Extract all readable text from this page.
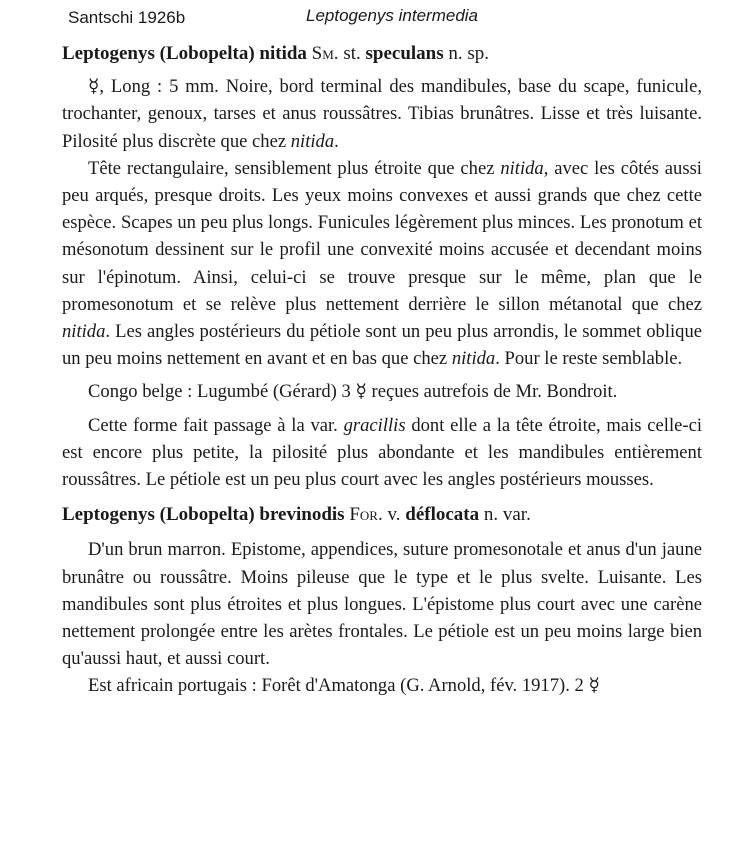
Santschi 1926b	Leptogenys intermedia

Leptogenys (Lobopelta) nitida Sm. st. speculans n. sp.

☿, Long : 5 mm. Noire, bord terminal des mandibules, base du scape, funicule, trochanter, genoux, tarses et anus roussâtres. Tibias brunâtres. Lisse et très luisante. Pilosité plus discrète que chez nitida.

Tête rectangulaire, sensiblement plus étroite que chez nitida, avec les côtés aussi peu arqués, presque droits. Les yeux moins convexes et aussi grands que chez cette espèce. Scapes un peu plus longs. Funicules légèrement plus minces. Les pronotum et mésonotum dessinent sur le profil une convexité moins accusée et decendant moins sur l'épinotum. Ainsi, celui-ci se trouve presque sur le même, plan que le promesonotum et se relève plus nettement derrière le sillon métanotal que chez nitida. Les angles postérieurs du pétiole sont un peu plus arrondis, le sommet oblique un peu moins nettement en avant et en bas que chez nitida. Pour le reste semblable.

Congo belge : Lugumbé (Gérard) 3 ☿ reçues autrefois de Mr. Bondroit.

Cette forme fait passage à la var. gracillis dont elle a la tête étroite, mais celle-ci est encore plus petite, la pilosité plus abondante et les mandibules entièrement roussâtres. Le pétiole est un peu plus court avec les angles postérieurs mousses.

Leptogenys (Lobopelta) brevinodis For. v. déflocata n. var.

D'un brun marron. Epistome, appendices, suture promesonotale et anus d'un jaune brunâtre ou roussâtre. Moins pileuse que le type et le plus svelte. Luisante. Les mandibules sont plus étroites et plus longues. L'épistome plus court avec une carène nettement prolongée entre les arètes frontales. Le pétiole est un peu moins large bien qu'aussi haut, et aussi court.

Est africain portugais : Forêt d'Amatonga (G. Arnold, fév. 1917). 2 ☿
